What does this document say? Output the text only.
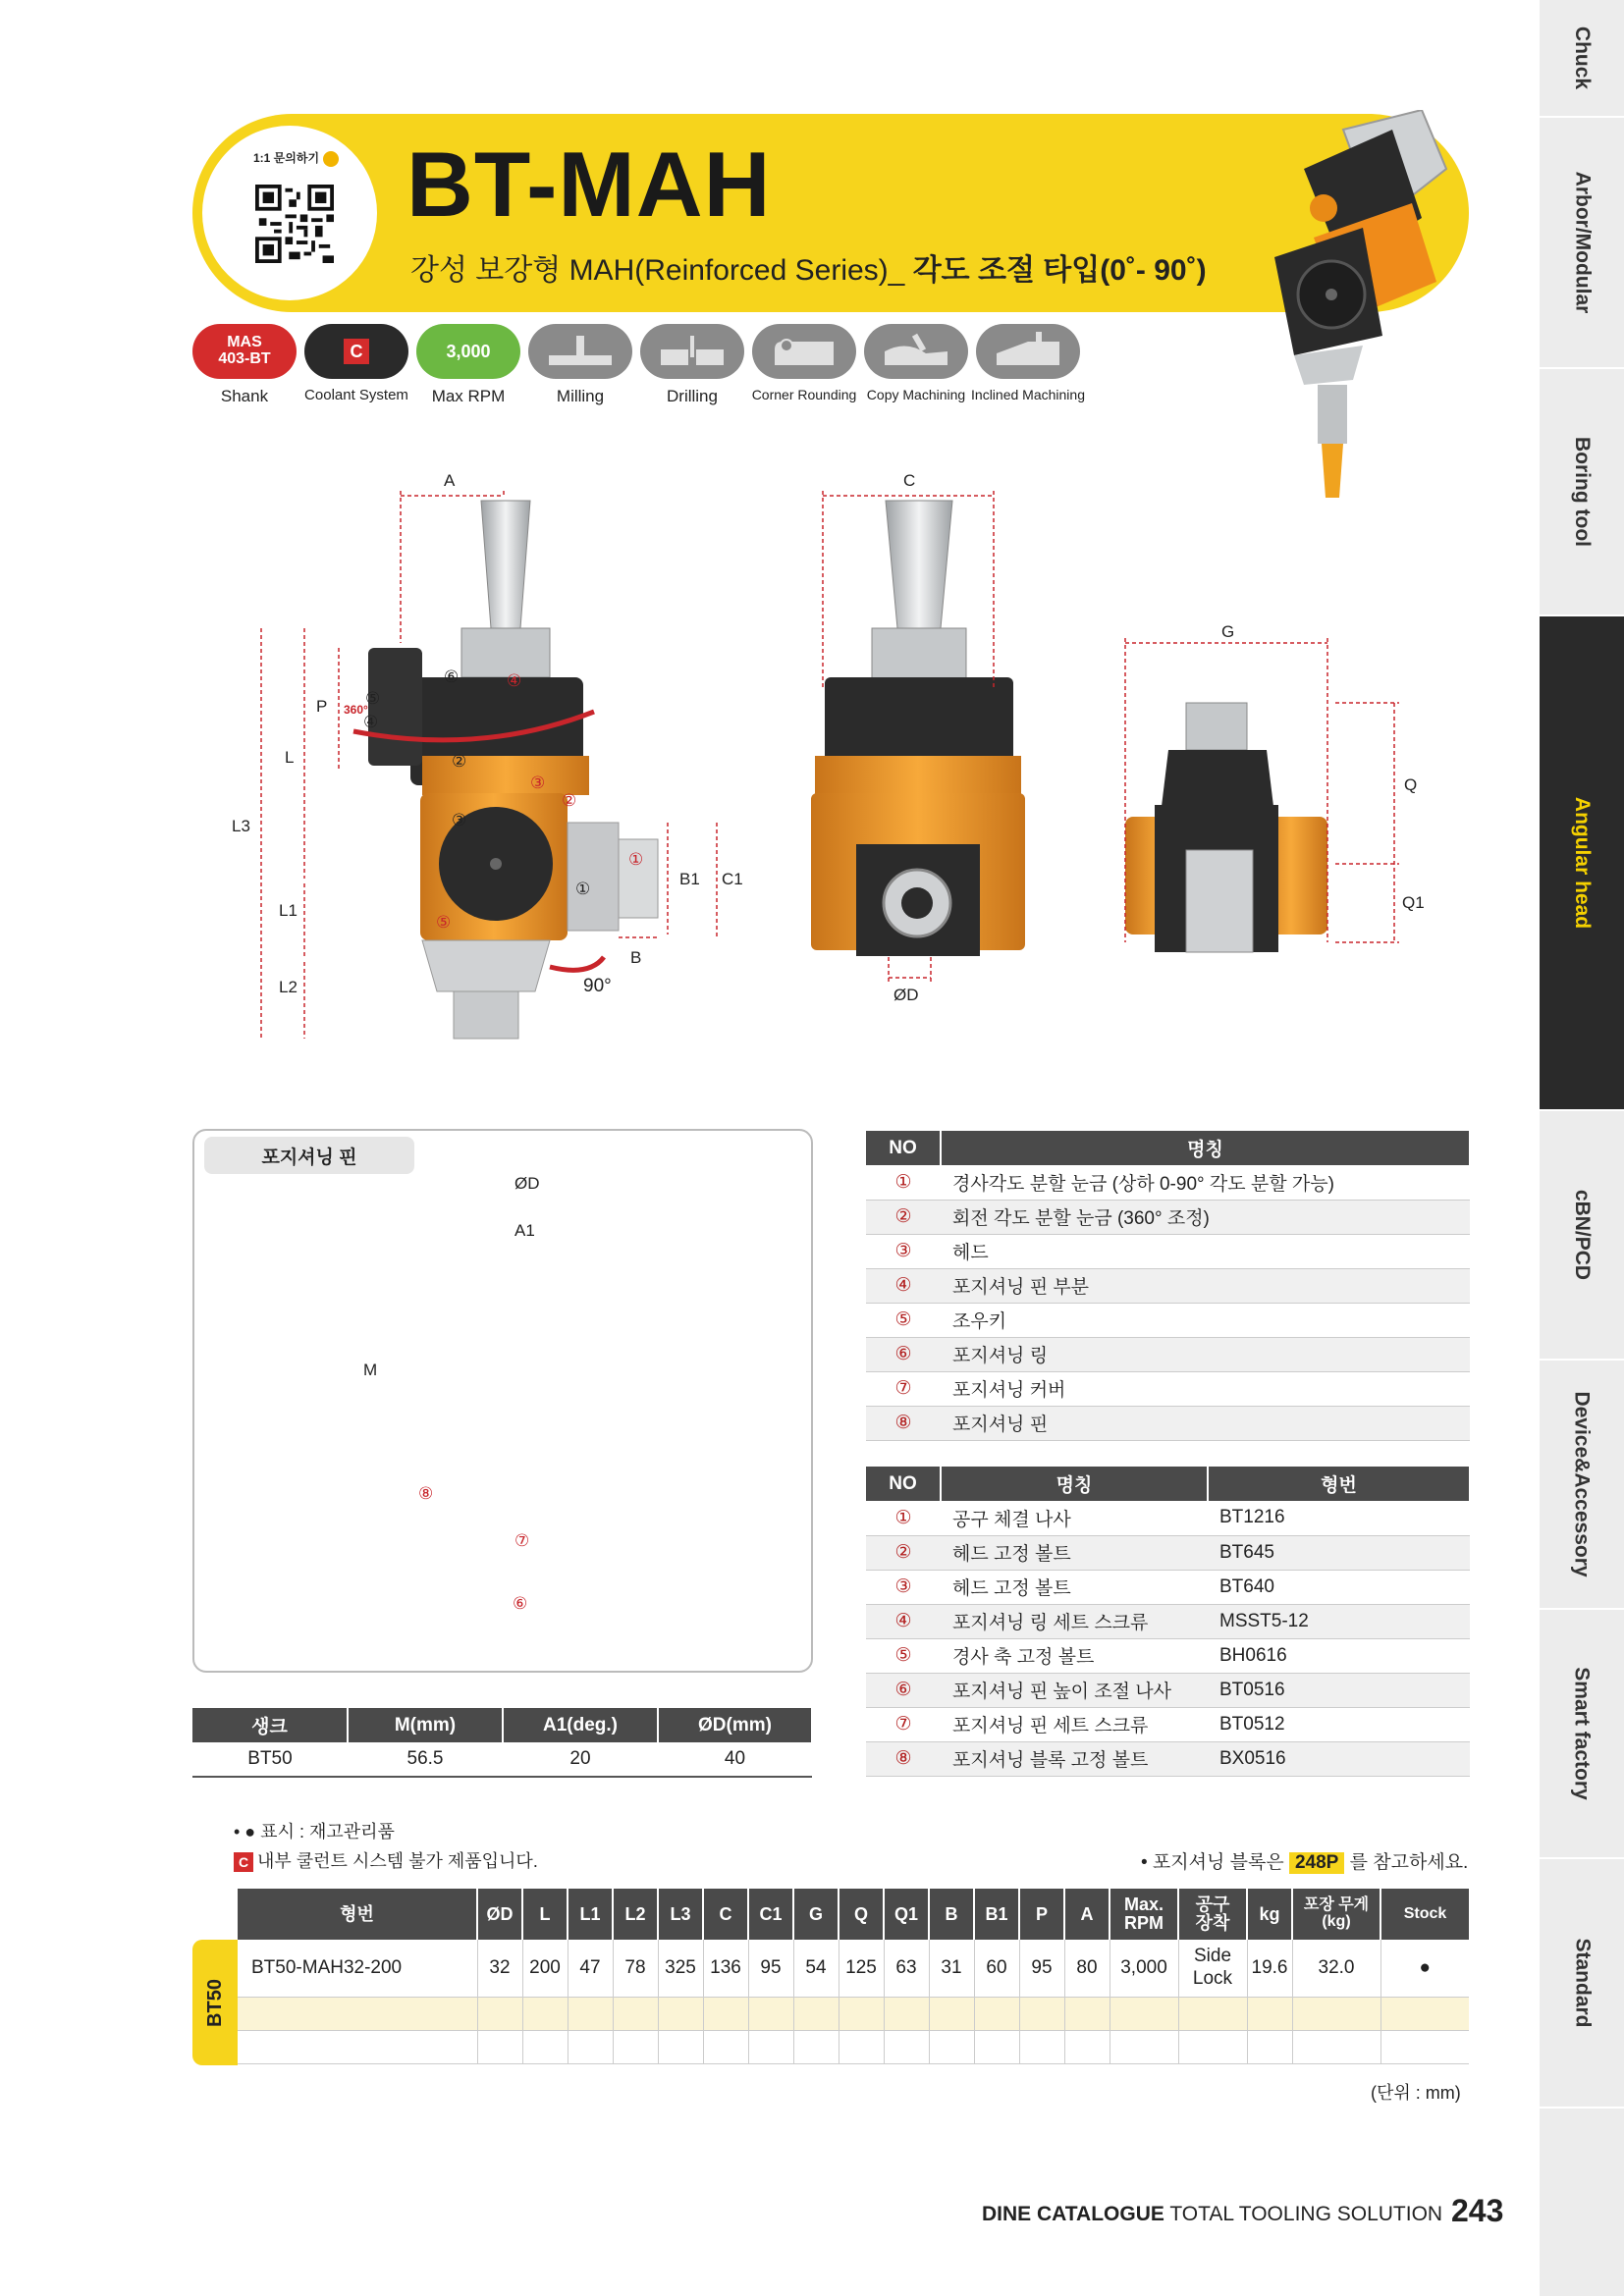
Chuck
Arbor/Modular
Boring tool
Angular head
cBN/PCD
Device&Accessory
Smart factory
Standard
1:1 문의하기 BT-MAH
강성 보강형 MAH(Reinforced Series)_ 각도 조절 타입(0˚- 90˚)
MAS
403-BT	C	3,000
Shank	Coolant System	Max RPM	Milling	Drilling	Corner Rounding Copy Machining Inclined Machining
A	C
G
P
L
L3
L1
L2
B1 C1
B
ØD
Q
Q1
360°
90°
포지셔닝 핀
ØD
A1
M
NO	명칭
①	경사각도 분할 눈금 (상하 0-90° 각도 분할 가능)
②	회전 각도 분할 눈금 (360° 조정)
③	헤드
④	포지셔닝 핀 부분
⑤	조우키
⑥	포지셔닝 링
⑦	포지셔닝 커버
⑧	포지셔닝 핀
NO	명칭	형번
①	공구 체결 나사	BT1216
②	헤드 고정 볼트	BT645
③	헤드 고정 볼트	BT640
④	포지셔닝 링 세트 스크류	MSST5-12
⑤	경사 축 고정 볼트	BH0616
⑥	포지셔닝 핀 높이 조절 나사	BT0516
⑦	포지셔닝 핀 세트 스크류	BT0512
⑧	포지셔닝 블록 고정 볼트	BX0516
생크	M(mm)	A1(deg.)	ØD(mm)
BT50	56.5	20	40
• ● 표시 : 재고관리품
C 내부 쿨런트 시스템 불가 제품입니다.	• 포지셔닝 블록은 248P 를 참고하세요.
BT50
형번	ØD	L	L1	L2	L3	C	C1	G	Q	Q1	B	B1	P	A	Max.
RPM	공구
장착	kg	포장 무게
(kg)	Stock
BT50-MAH32-200	32	200	47	78	325	136	95	54	125	63	31	60	95	80	3,000	Side
Lock	19.6	32.0	●

(단위 : mm)
DINE CATALOGUE TOTAL TOOLING SOLUTION 243
①
①
②
②
③
③
④
④
⑤
⑤
⑥
⑧
⑦
⑧
⑦
⑥
